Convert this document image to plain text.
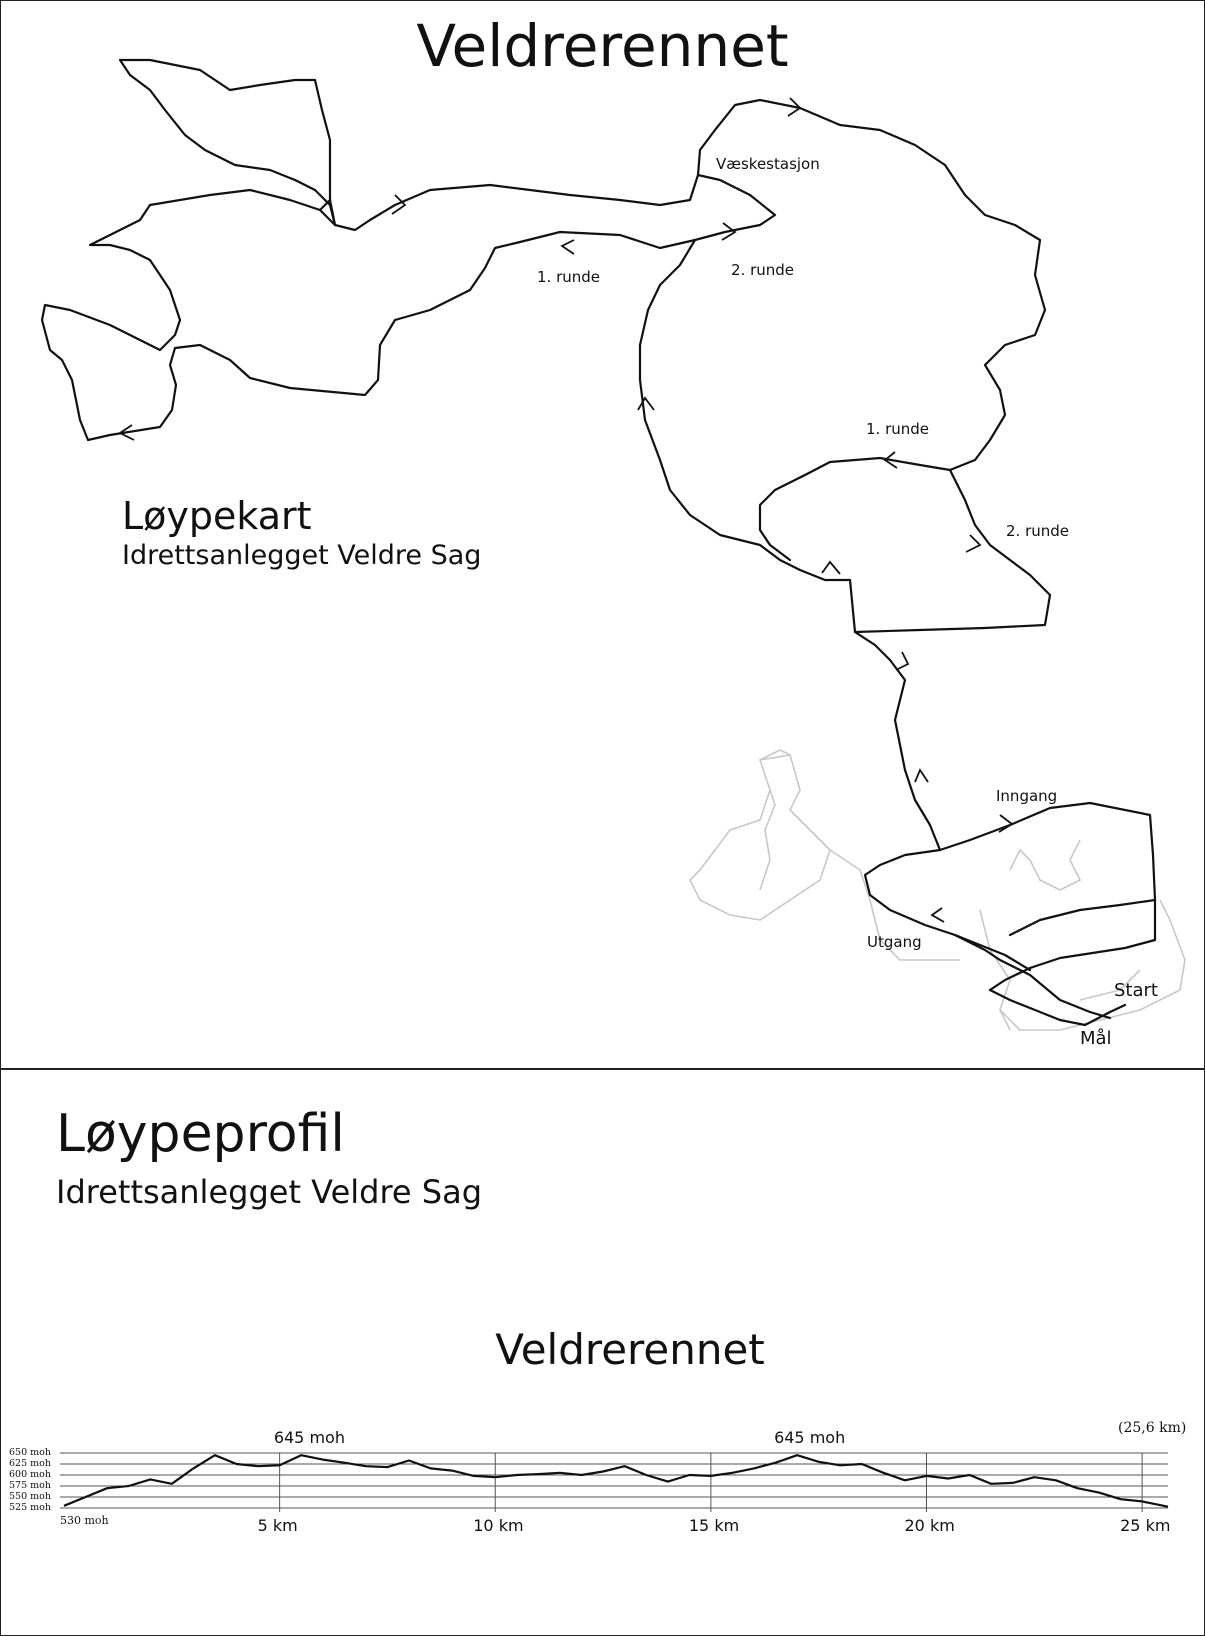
Veldrerennet
Løypekart
Idrettsanlegget Veldre Sag
Væskestasjon
1. runde	2. runde
1. runde
2. runde
Inngang
Utgang
Start
Mål
Løypeprofil
Idrettsanlegget Veldre Sag
Veldrerennet
650 moh
625 moh
600 moh
575 moh
550 moh
525 moh
5 km	10 km	15 km	20 km	25 km
(25,6 km)
530 moh
645 moh	645 moh
